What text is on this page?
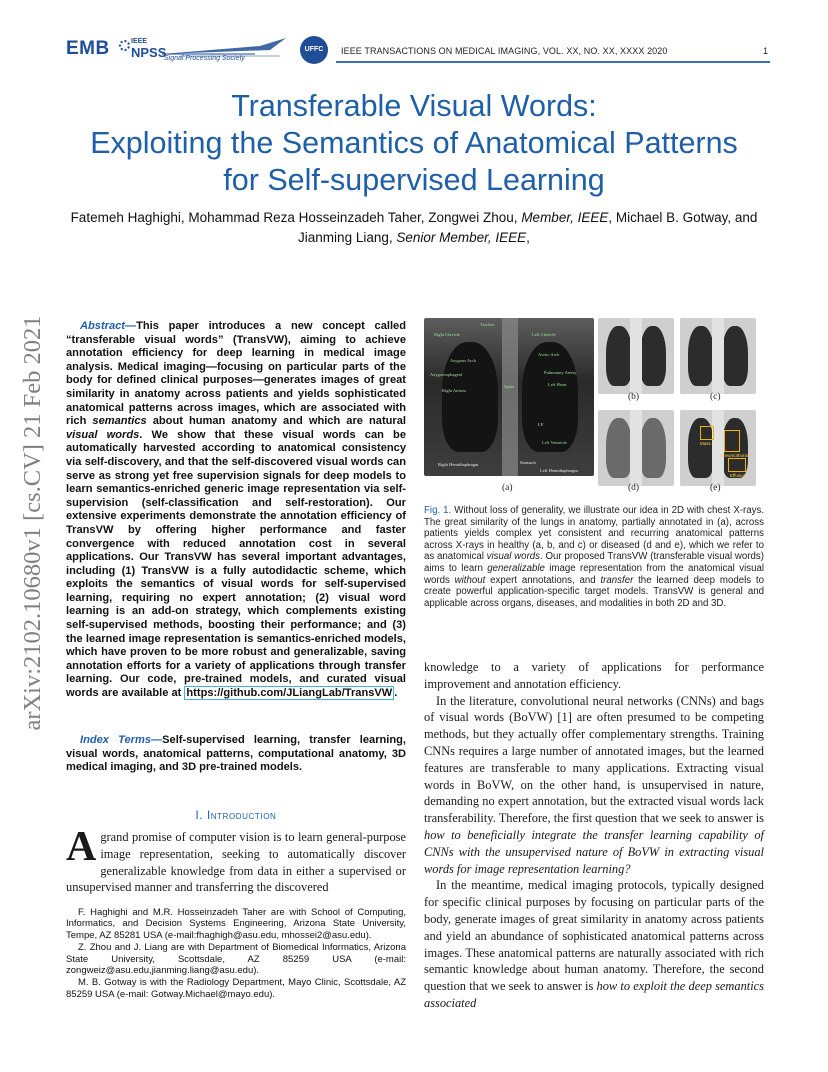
EMB	IEEE
NPSS
Signal Processing Society
UFFC	IEEE TRANSACTIONS ON MEDICAL IMAGING, VOL. XX, NO. XX, XXXX 2020	1
Transferable Visual Words:
Exploiting the Semantics of Anatomical Patterns
for Self-supervised Learning
Fatemeh Haghighi, Mohammad Reza Hosseinzadeh Taher, Zongwei Zhou, Member, IEEE, Michael B. Gotway, and Jianming Liang, Senior Member, IEEE,
arXiv:2102.10680v1 [cs.CV] 21 Feb 2021	Abstract—This paper introduces a new concept called “transferable visual words” (TransVW), aiming to achieve annotation efficiency for deep learning in medical image analysis. Medical imaging—focusing on particular parts of the body for defined clinical purposes—generates images of great similarity in anatomy across patients and yields sophisticated anatomical patterns across images, which are associated with rich semantics about human anatomy and which are natural visual words. We show that these visual words can be automatically harvested according to anatomical consistency via self-discovery, and that the self-discovered visual words can serve as strong yet free supervision signals for deep models to learn semantics-enriched generic image representation via self-supervision (self-classification and self-restoration). Our extensive experiments demonstrate the annotation efficiency of TransVW by offering higher performance and faster convergence with reduced annotation cost in several applications. Our TransVW has several important advantages, including (1) TransVW is a fully autodidactic scheme, which exploits the semantics of visual words for self-supervised learning, requiring no expert annotation; (2) visual word learning is an add-on strategy, which complements existing self-supervised methods, boosting their performance; and (3) the learned image representation is semantics-enriched models, which have proven to be more robust and generalizable, saving annotation efforts for a variety of applications through transfer learning. Our code, pre-trained models, and curated visual words are available at https://github.com/JLiangLab/TransVW .
Index Terms—Self-supervised learning, transfer learning, visual words, anatomical patterns, computational anatomy, 3D medical imaging, and 3D pre-trained models.
I. Introduction
Agrand promise of computer vision is to learn general-purpose image representation, seeking to automatically discover generalizable knowledge from data in either a supervised or unsupervised manner and transferring the discovered

F. Haghighi and M.R. Hosseinzadeh Taher are with School of Computing, Informatics, and Decision Systems Engineering, Arizona State University, Tempe, AZ 85281 USA (e-mail:fhaghigh@asu.edu, mhossei2@asu.edu).

Z. Zhou and J. Liang are with Department of Biomedical Informatics, Arizona State University, Scottsdale, AZ 85259 USA (e-mail: zongweiz@asu.edu,jianming.liang@asu.edu).

M. B. Gotway is with the Radiology Department, Mayo Clinic, Scottsdale, AZ 85259 USA (e-mail: Gotway.Michael@mayo.edu).

Right Clavicle
Trachea
Azygous Arch
Azygoesophageal
Right Atrium
Right Hemidiaphragm
Left Clavicle
Aortic Arch
Pulmonary Artery
Left Heart
Left Ventricle
Left Hemidiaphragm
Spine
Stomach
LV
(a)
(b)	(c)
(d)
Mass
Pneumothorax
Effusion
(e)
Fig. 1. Without loss of generality, we illustrate our idea in 2D with chest X-rays. The great similarity of the lungs in anatomy, partially annotated in (a), across patients yields complex yet consistent and recurring anatomical patterns across X-rays in healthy (a, b, and c) or diseased (d and e), which we refer to as anatomical visual words. Our proposed TransVW (transferable visual words) aims to learn generalizable image representation from the anatomical visual words without expert annotations, and transfer the learned deep models to create powerful application-specific target models. TransVW is general and applicable across organs, diseases, and modalities in both 2D and 3D.

knowledge to a variety of applications for performance improvement and annotation efficiency.

In the literature, convolutional neural networks (CNNs) and bags of visual words (BoVW) [1] are often presumed to be competing methods, but they actually offer complementary strengths. Training CNNs requires a large number of annotated images, but the learned features are transferable to many applications. Extracting visual words in BoVW, on the other hand, is unsupervised in nature, demanding no expert annotation, but the extracted visual words lack transferability. Therefore, the first question that we seek to answer is how to beneficially integrate the transfer learning capability of CNNs with the unsupervised nature of BoVW in extracting visual words for image representation learning?

In the meantime, medical imaging protocols, typically designed for specific clinical purposes by focusing on particular parts of the body, generate images of great similarity in anatomy across patients and yield an abundance of sophisticated anatomical patterns across images. These anatomical patterns are naturally associated with rich semantic knowledge about human anatomy. Therefore, the second question that we seek to answer is how to exploit the deep semantics associated
